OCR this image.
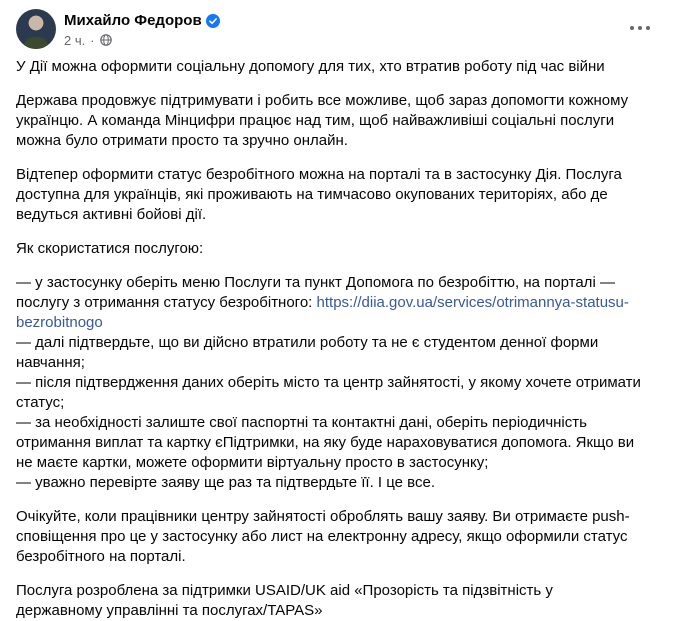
Михайло Федоров
2 ч. ·

У Дії можна оформити соціальну допомогу для тих, хто втратив роботу під час війни

Держава продовжує підтримувати і робить все можливе, щоб зараз допомогти кожному
українцю. А команда Мінцифри працює над тим, щоб найважливіші соціальні послуги
можна було отримати просто та зручно онлайн.

Відтепер оформити статус безробітного можна на порталі та в застосунку Дія. Послуга
доступна для українців, які проживають на тимчасово окупованих територіях, або де
ведуться активні бойові дії.

Як скористатися послугою:

— у застосунку оберіть меню Послуги та пункт Допомога по безробіттю, на порталі —
послугу з отримання статусу безробітного: https://diia.gov.ua/services/otrimannya-statusu-
bezrobitnogo
— далі підтвердьте, що ви дійсно втратили роботу та не є студентом денної форми
навчання;
— після підтвердження даних оберіть місто та центр зайнятості, у якому хочете отримати
статус;
— за необхідності залиште свої паспортні та контактні дані, оберіть періодичність
отримання виплат та картку єПідтримки, на яку буде нараховуватися допомога. Якщо ви
не маєте картки, можете оформити віртуальну просто в застосунку;
— уважно перевірте заяву ще раз та підтвердьте її. І це все.

Очікуйте, коли працівники центру зайнятості оброблять вашу заяву. Ви отримаєте push-
сповіщення про це у застосунку або лист на електронну адресу, якщо оформили статус
безробітного на порталі.

Послуга розроблена за підтримки USAID/UK aid «Прозорість та підзвітність у
державному управлінні та послугах/TAPAS»
